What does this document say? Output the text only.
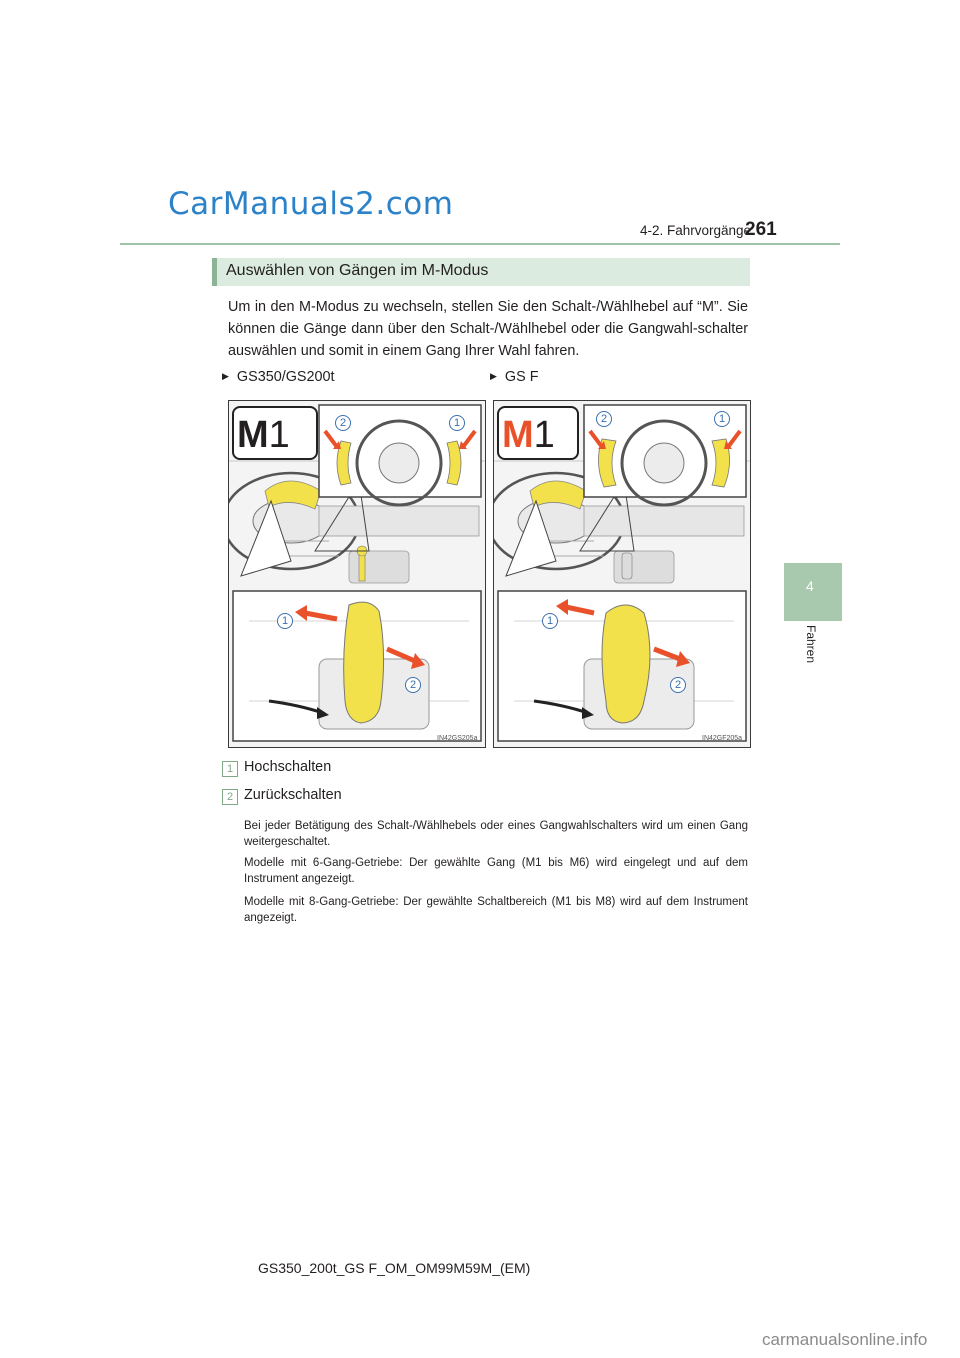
CarManuals2.com
4-2. Fahrvorgänge
261
4
Fahren
Auswählen von Gängen im M-Modus
Um in den M-Modus zu wechseln, stellen Sie den Schalt-/Wählhebel auf “M”. Sie können die Gänge dann über den Schalt-/Wählhebel oder die Gangwahl-schalter auswählen und somit in einem Gang Ihrer Wahl fahren.
▶ GS350/GS200t	▶ GS F
M1	2	1
1
2
IN42GS205a
M1	2	1
1
2
IN42GF205a
1 Hochschalten
2 Zurückschalten
Bei jeder Betätigung des Schalt-/Wählhebels oder eines Gangwahlschalters wird um einen Gang weitergeschaltet.
Modelle mit 6-Gang-Getriebe: Der gewählte Gang (M1 bis M6) wird eingelegt und auf dem Instrument angezeigt.
Modelle mit 8-Gang-Getriebe: Der gewählte Schaltbereich (M1 bis M8) wird auf dem Instrument angezeigt.
GS350_200t_GS F_OM_OM99M59M_(EM)
carmanualsonline.info
